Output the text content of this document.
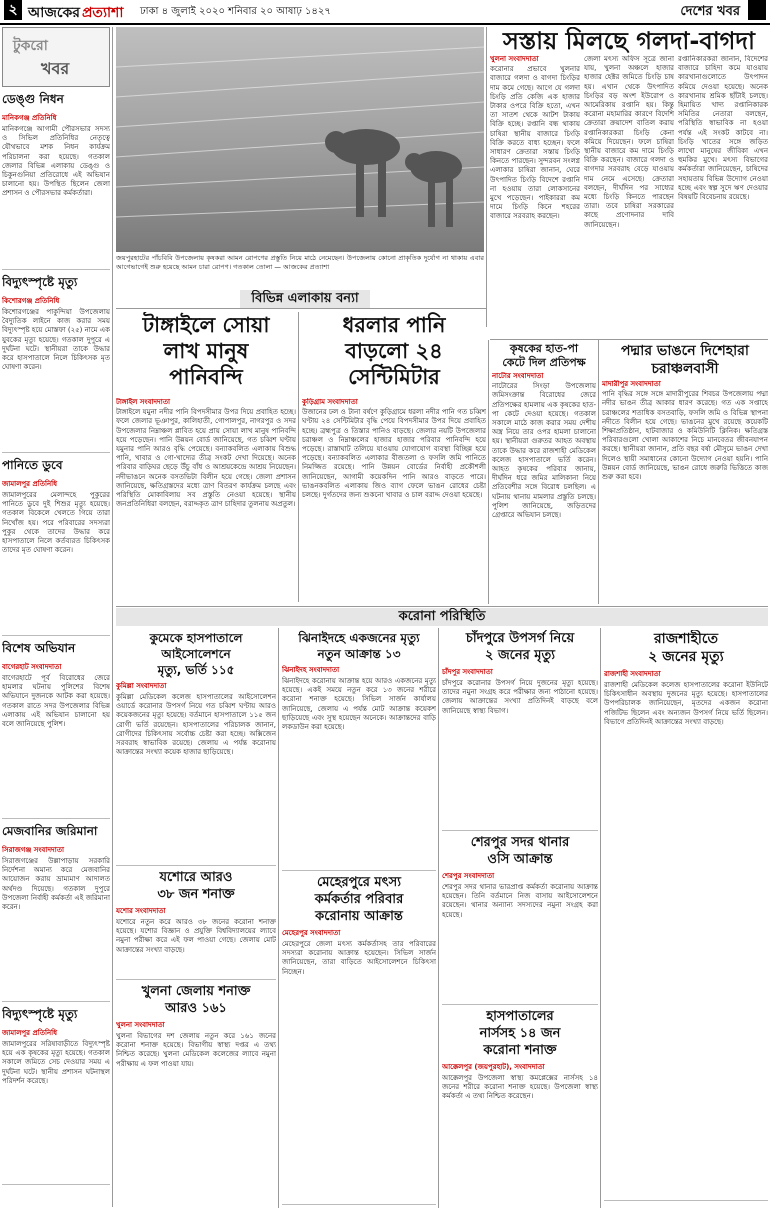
২ আজকের প্রত্যাশা ঢাকা ৪ জুলাই ২০২০ শনিবার ২০ আষাঢ় ১৪২৭	দেশের খবর
টুকরো
খবর
ডেঙ্গু নিধন
মানিকগঞ্জ প্রতিনিধি
মানিকগঞ্জে আগামী পৌরসভার সদস্য ও সিভিল প্রতিনিধির নেতৃত্বে যৌথভাবে মশক নিধন কার্যক্রম পরিচালনা করা হয়েছে। গতকাল জেলার বিভিন্ন এলাকায় ডেঙ্গু ও চিকুনগুনিয়া প্রতিরোধে এই অভিযান চালানো হয়। উপস্থিত ছিলেন জেলা প্রশাসন ও পৌরসভার কর্মকর্তারা।
বিদ্যুৎস্পৃষ্টে মৃত্যু
কিশোরগঞ্জ প্রতিনিধি
কিশোরগঞ্জের পাকুন্দিয়া উপজেলায় বৈদ্যুতিক লাইনে কাজ করার সময় বিদ্যুৎস্পৃষ্ট হয়ে মোস্তফা (২৫) নামে এক যুবকের মৃত্যু হয়েছে। গতকাল দুপুরে এ দুর্ঘটনা ঘটে। স্থানীয়রা তাকে উদ্ধার করে হাসপাতালে নিলে চিকিৎসক মৃত ঘোষণা করেন।
পানিতে ডুবে
জামালপুর প্রতিনিধি
জামালপুরের মেলান্দহে পুকুরের পানিতে ডুবে দুই শিশুর মৃত্যু হয়েছে। গতকাল বিকেলে খেলতে গিয়ে তারা নিখোঁজ হয়। পরে পরিবারের সদস্যরা পুকুর থেকে তাদের উদ্ধার করে হাসপাতালে নিলে কর্তব্যরত চিকিৎসক তাদের মৃত ঘোষণা করেন।
বিশেষ অভিযান
বাগেরহাট সংবাদদাতা
বাগেরহাটে পূর্ব বিরোধের জেরে হামলার ঘটনায় পুলিশের বিশেষ অভিযানে দুজনকে আটক করা হয়েছে। গতকাল রাতে সদর উপজেলার বিভিন্ন এলাকায় এই অভিযান চালানো হয় বলে জানিয়েছে পুলিশ।
মেজবানির জরিমানা
সিরাজগঞ্জ সংবাদদাতা
সিরাজগঞ্জের উল্লাপাড়ায় সরকারি নির্দেশনা অমান্য করে মেজবানির আয়োজন করায় ভ্রাম্যমাণ আদালত অর্থদণ্ড দিয়েছে। গতকাল দুপুরে উপজেলা নির্বাহী কর্মকর্তা এই জরিমানা করেন।
বিদ্যুৎস্পৃষ্টে মৃত্যু
জামালপুর প্রতিনিধি
জামালপুরের সরিষাবাড়ীতে বিদ্যুৎস্পৃষ্ট হয়ে এক কৃষকের মৃত্যু হয়েছে। গতকাল সকালে জমিতে সেচ দেওয়ার সময় এ দুর্ঘটনা ঘটে। স্থানীয় প্রশাসন ঘটনাস্থল পরিদর্শন করেছে।
জয়পুরহাটের পাঁচবিবি উপজেলায় কৃষকরা আমন রোপণের প্রস্তুতি নিয়ে মাঠে নেমেছেন। উপজেলায় কোনো প্রাকৃতিক দুর্যোগ না থাকায় এবার আগেভাগেই শুরু হয়েছে আমন চারা রোপণ। গতকাল তোলা — আজকের প্রত্যাশা
সস্তায় মিলছে গলদা-বাগদা
খুলনা সংবাদদাতা
করোনার প্রভাবে খুলনার বাজারে গলদা ও বাগদা চিংড়ির দাম কমে গেছে। আগে যে গলদা চিংড়ি প্রতি কেজি এক হাজার টাকার ওপরে বিক্রি হতো, এখন তা সাতশ থেকে আটশ টাকায় বিক্রি হচ্ছে। রপ্তানি বন্ধ থাকায় চাষিরা স্থানীয় বাজারে চিংড়ি বিক্রি করতে বাধ্য হচ্ছেন। ফলে সাধারণ ক্রেতারা সস্তায় চিংড়ি কিনতে পারছেন। সুন্দরবন সংলগ্ন এলাকার চাষিরা জানান, ঘেরে উৎপাদিত চিংড়ি বিদেশে রপ্তানি না হওয়ায় তারা লোকসানের মুখে পড়েছেন। পাইকাররা কম দামে চিংড়ি কিনে শহরের বাজারে সরবরাহ করছেন।
জেলা মৎস্য অফিস সূত্রে জানা যায়, খুলনা অঞ্চলে হাজার হাজার হেক্টর জমিতে চিংড়ি চাষ হয়। এখান থেকে উৎপাদিত চিংড়ির বড় অংশ ইউরোপ ও আমেরিকায় রপ্তানি হয়। কিন্তু করোনা মহামারির কারণে বিদেশি ক্রেতারা ক্রয়াদেশ বাতিল করায় রপ্তানিকারকরা চিংড়ি কেনা কমিয়ে দিয়েছেন। ফলে চাষিরা স্থানীয় বাজারে কম দামে চিংড়ি বিক্রি করছেন। বাজারে গলদা ও বাগদার সরবরাহ বেড়ে যাওয়ায় দাম নেমে এসেছে। ক্রেতারা বলছেন, দীর্ঘদিন পর সাধ্যের মধ্যে চিংড়ি কিনতে পারছেন তারা। তবে চাষিরা সরকারের কাছে প্রণোদনার দাবি জানিয়েছেন।
রপ্তানিকারকরা জানান, বিদেশের বাজারে চাহিদা কমে যাওয়ায় কারখানাগুলোতে উৎপাদন কমিয়ে দেওয়া হয়েছে। অনেক কারখানায় শ্রমিক ছাঁটাই চলছে। হিমায়িত খাদ্য রপ্তানিকারক সমিতির নেতারা বলছেন, পরিস্থিতি স্বাভাবিক না হওয়া পর্যন্ত এই সংকট কাটবে না। চিংড়ি খাতের সঙ্গে জড়িত লাখো মানুষের জীবিকা এখন হুমকির মুখে। মৎস্য বিভাগের কর্মকর্তারা জানিয়েছেন, চাষিদের সহায়তায় বিভিন্ন উদ্যোগ নেওয়া হচ্ছে এবং স্বল্প সুদে ঋণ দেওয়ার বিষয়টি বিবেচনায় রয়েছে।
বিভিন্ন এলাকায় বন্যা
টাঙ্গাইলে সোয়া
লাখ মানুষ
পানিবন্দি
ধরলার পানি
বাড়লো ২৪
সেন্টিমিটার
টাঙ্গাইল সংবাদদাতা
টাঙ্গাইলে যমুনা নদীর পানি বিপদসীমার উপর দিয়ে প্রবাহিত হচ্ছে। ফলে জেলার ভূঞাপুর, কালিহাতী, গোপালপুর, নাগরপুর ও সদর উপজেলার নিম্নাঞ্চল প্লাবিত হয়ে প্রায় সোয়া লাখ মানুষ পানিবন্দি হয়ে পড়েছেন। পানি উন্নয়ন বোর্ড জানিয়েছে, গত চব্বিশ ঘণ্টায় যমুনার পানি আরও বৃদ্ধি পেয়েছে। বন্যাকবলিত এলাকায় বিশুদ্ধ পানি, খাবার ও গো-খাদ্যের তীব্র সংকট দেখা দিয়েছে। অনেক পরিবার বাড়িঘর ছেড়ে উঁচু বাঁধ ও আশ্রয়কেন্দ্রে আশ্রয় নিয়েছেন। নদীভাঙনে অনেক বসতভিটা বিলীন হয়ে গেছে। জেলা প্রশাসন জানিয়েছে, ক্ষতিগ্রস্তদের মধ্যে ত্রাণ বিতরণ কার্যক্রম চলছে এবং পরিস্থিতি মোকাবিলায় সব প্রস্তুতি নেওয়া হয়েছে। স্থানীয় জনপ্রতিনিধিরা বলছেন, বরাদ্দকৃত ত্রাণ চাহিদার তুলনায় অপ্রতুল।
কুড়িগ্রাম সংবাদদাতা
উজানের ঢল ও টানা বর্ষণে কুড়িগ্রামে ধরলা নদীর পানি গত চব্বিশ ঘণ্টায় ২৪ সেন্টিমিটার বৃদ্ধি পেয়ে বিপদসীমার উপর দিয়ে প্রবাহিত হচ্ছে। ব্রহ্মপুত্র ও তিস্তার পানিও বাড়ছে। জেলার নয়টি উপজেলার চরাঞ্চল ও নিম্নাঞ্চলের হাজার হাজার পরিবার পানিবন্দি হয়ে পড়েছে। রাস্তাঘাট তলিয়ে যাওয়ায় যোগাযোগ ব্যবস্থা বিচ্ছিন্ন হয়ে পড়েছে। বন্যাকবলিত এলাকার বীজতলা ও ফসলি জমি পানিতে নিমজ্জিত রয়েছে। পানি উন্নয়ন বোর্ডের নির্বাহী প্রকৌশলী জানিয়েছেন, আগামী কয়েকদিন পানি আরও বাড়তে পারে। ভাঙনকবলিত এলাকায় জিও ব্যাগ ফেলে ভাঙন রোধের চেষ্টা চলছে। দুর্গতদের জন্য শুকনো খাবার ও চাল বরাদ্দ দেওয়া হয়েছে।
কৃষকের হাত-পা
কেটে দিল প্রতিপক্ষ
নাটোর সংবাদদাতা
নাটোরের সিংড়া উপজেলায় জমিসংক্রান্ত বিরোধের জেরে প্রতিপক্ষের হামলায় এক কৃষকের হাত-পা কেটে দেওয়া হয়েছে। গতকাল সকালে মাঠে কাজ করার সময় দেশীয় অস্ত্র নিয়ে তার ওপর হামলা চালানো হয়। স্থানীয়রা গুরুতর আহত অবস্থায় তাকে উদ্ধার করে রাজশাহী মেডিকেল কলেজ হাসপাতালে ভর্তি করেন। আহত কৃষকের পরিবার জানায়, দীর্ঘদিন ধরে জমির মালিকানা নিয়ে প্রতিবেশীর সঙ্গে বিরোধ চলছিল। এ ঘটনায় থানায় মামলার প্রস্তুতি চলছে। পুলিশ জানিয়েছে, জড়িতদের গ্রেপ্তারে অভিযান চলছে।
পদ্মার ভাঙনে দিশেহারা
চরাঞ্চলবাসী
মাদারীপুর সংবাদদাতা
পানি বৃদ্ধির সঙ্গে সঙ্গে মাদারীপুরের শিবচর উপজেলায় পদ্মা নদীর ভাঙন তীব্র আকার ধারণ করেছে। গত এক সপ্তাহে চরাঞ্চলের শতাধিক বসতবাড়ি, ফসলি জমি ও বিভিন্ন স্থাপনা নদীতে বিলীন হয়ে গেছে। ভাঙনের মুখে রয়েছে কয়েকটি শিক্ষাপ্রতিষ্ঠান, হাটবাজার ও কমিউনিটি ক্লিনিক। ক্ষতিগ্রস্ত পরিবারগুলো খোলা আকাশের নিচে মানবেতর জীবনযাপন করছে। স্থানীয়রা জানান, প্রতি বছর বর্ষা মৌসুমে ভাঙন দেখা দিলেও স্থায়ী সমাধানের কোনো উদ্যোগ নেওয়া হয়নি। পানি উন্নয়ন বোর্ড জানিয়েছে, ভাঙন রোধে জরুরি ভিত্তিতে কাজ শুরু করা হবে।
করোনা পরিস্থিতি
কুমেকে হাসপাতালে আইসোলেশনে
মৃত্যু, ভর্তি ১১৫
কুমিল্লা সংবাদদাতা
কুমিল্লা মেডিকেল কলেজ হাসপাতালের আইসোলেশন ওয়ার্ডে করোনার উপসর্গ নিয়ে গত চব্বিশ ঘণ্টায় আরও কয়েকজনের মৃত্যু হয়েছে। বর্তমানে হাসপাতালে ১১৫ জন রোগী ভর্তি রয়েছেন। হাসপাতালের পরিচালক জানান, রোগীদের চিকিৎসায় সর্বোচ্চ চেষ্টা করা হচ্ছে। অক্সিজেন সরবরাহ স্বাভাবিক রয়েছে। জেলায় এ পর্যন্ত করোনায় আক্রান্তের সংখ্যা কয়েক হাজার ছাড়িয়েছে।
যশোরে আরও
৩৮ জন শনাক্ত
যশোর সংবাদদাতা
যশোরে নতুন করে আরও ৩৮ জনের করোনা শনাক্ত হয়েছে। যশোর বিজ্ঞান ও প্রযুক্তি বিশ্ববিদ্যালয়ের ল্যাবে নমুনা পরীক্ষা করে এই ফল পাওয়া গেছে। জেলায় মোট আক্রান্তের সংখ্যা বাড়ছে।
খুলনা জেলায় শনাক্ত
আরও ১৬১
খুলনা সংবাদদাতা
খুলনা বিভাগের দশ জেলায় নতুন করে ১৬১ জনের করোনা শনাক্ত হয়েছে। বিভাগীয় স্বাস্থ্য দপ্তর এ তথ্য নিশ্চিত করেছে। খুলনা মেডিকেল কলেজের ল্যাবে নমুনা পরীক্ষায় এ ফল পাওয়া যায়।
ঝিনাইদহে একজনের মৃত্যু
নতুন আক্রান্ত ১৩
ঝিনাইদহ সংবাদদাতা
ঝিনাইদহে করোনায় আক্রান্ত হয়ে আরও একজনের মৃত্যু হয়েছে। একই সময়ে নতুন করে ১৩ জনের শরীরে করোনা শনাক্ত হয়েছে। সিভিল সার্জন কার্যালয় জানিয়েছে, জেলায় এ পর্যন্ত মোট আক্রান্ত কয়েকশ ছাড়িয়েছে এবং সুস্থ হয়েছেন অনেকে। আক্রান্তদের বাড়ি লকডাউন করা হয়েছে।
মেহেরপুরে মৎস্য
কর্মকর্তার পরিবার
করোনায় আক্রান্ত
মেহেরপুর সংবাদদাতা
মেহেরপুরে জেলা মৎস্য কর্মকর্তাসহ তার পরিবারের সদস্যরা করোনায় আক্রান্ত হয়েছেন। সিভিল সার্জন জানিয়েছেন, তারা বাড়িতে আইসোলেশনে চিকিৎসা নিচ্ছেন।
চাঁদপুরে উপসর্গ নিয়ে
২ জনের মৃত্যু
চাঁদপুর সংবাদদাতা
চাঁদপুরে করোনার উপসর্গ নিয়ে দুজনের মৃত্যু হয়েছে। তাদের নমুনা সংগ্রহ করে পরীক্ষার জন্য পাঠানো হয়েছে। জেলায় আক্রান্তের সংখ্যা প্রতিদিনই বাড়ছে বলে জানিয়েছে স্বাস্থ্য বিভাগ।
শেরপুর সদর থানার
ওসি আক্রান্ত
শেরপুর সংবাদদাতা
শেরপুর সদর থানার ভারপ্রাপ্ত কর্মকর্তা করোনায় আক্রান্ত হয়েছেন। তিনি বর্তমানে নিজ বাসায় আইসোলেশনে রয়েছেন। থানার অন্যান্য সদস্যদের নমুনা সংগ্রহ করা হয়েছে।
হাসপাতালের
নার্সসহ ১৪ জন
করোনা শনাক্ত
আক্কেলপুর (জয়পুরহাট), সংবাদদাতা
আক্কেলপুর উপজেলা স্বাস্থ্য কমপ্লেক্সের নার্সসহ ১৪ জনের শরীরে করোনা শনাক্ত হয়েছে। উপজেলা স্বাস্থ্য কর্মকর্তা এ তথ্য নিশ্চিত করেছেন।
রাজশাহীতে
২ জনের মৃত্যু
রাজশাহী সংবাদদাতা
রাজশাহী মেডিকেল কলেজ হাসপাতালের করোনা ইউনিটে চিকিৎসাধীন অবস্থায় দুজনের মৃত্যু হয়েছে। হাসপাতালের উপপরিচালক জানিয়েছেন, মৃতদের একজন করোনা পজিটিভ ছিলেন এবং অন্যজন উপসর্গ নিয়ে ভর্তি ছিলেন। বিভাগে প্রতিদিনই আক্রান্তের সংখ্যা বাড়ছে।
